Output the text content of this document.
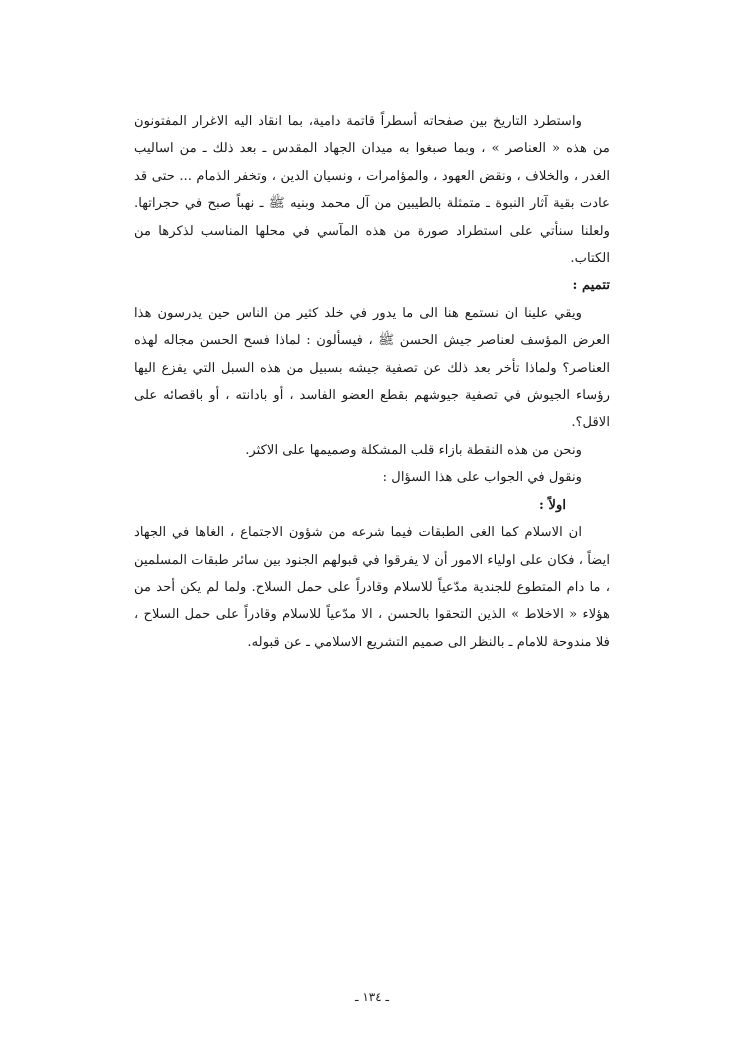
واستطرد التاريخ بين صفحاته أسطراً قاتمة دامية، بما انقاد اليه الاغرار المفتونون من هذه « العناصر » ، وبما صبغوا به ميدان الجهاد المقدس ـ بعد ذلك ـ من اساليب الغدر ، والخلاف ، ونقض العهود ، والمؤامرات ، ونسيان الدين ، وتخفر الذمام ... حتى قد عادت بقية آثار النبوة ـ متمثلة بالطيبين من آل محمد وبنيه ﷺ ـ نهباً صبح في حجراتها. ولعلنا سنأتي على استطراد صورة من هذه المآسي في محلها المناسب لذكرها من الكتاب.

تتميم :

ويقي علينا ان نستمع هنا الى ما يدور في خلد كثير من الناس حين يدرسون هذا العرض المؤسف لعناصر جيش الحسن ﷺ ، فيسألون : لماذا فسح الحسن مجاله لهذه العناصر؟ ولماذا تأخر بعد ذلك عن تصفية جيشه بسبيل من هذه السبل التي يفزع اليها رؤساء الجيوش في تصفية جيوشهم بقطع العضو الفاسد ، أو بادانته ، أو باقصائه على الاقل؟.

ونحن من هذه النقطة بازاء قلب المشكلة وصميمها على الاكثر.

ونقول في الجواب على هذا السؤال :

اولاً :

ان الاسلام كما الغى الطبقات فيما شرعه من شؤون الاجتماع ، الغاها في الجهاد ايضاً ، فكان على اولياء الامور أن لا يفرقوا في قبولهم الجنود بين سائر طبقات المسلمين ، ما دام المتطوع للجندية مدّعياً للاسلام وقادراً على حمل السلاح. ولما لم يكن أحد من هؤلاء « الاخلاط » الذين التحقوا بالحسن ، الا مدّعياً للاسلام وقادراً على حمل السلاح ، فلا مندوحة للامام ـ بالنظر الى صميم التشريع الاسلامي ـ عن قبوله.

ـ ١٣٤ ـ
